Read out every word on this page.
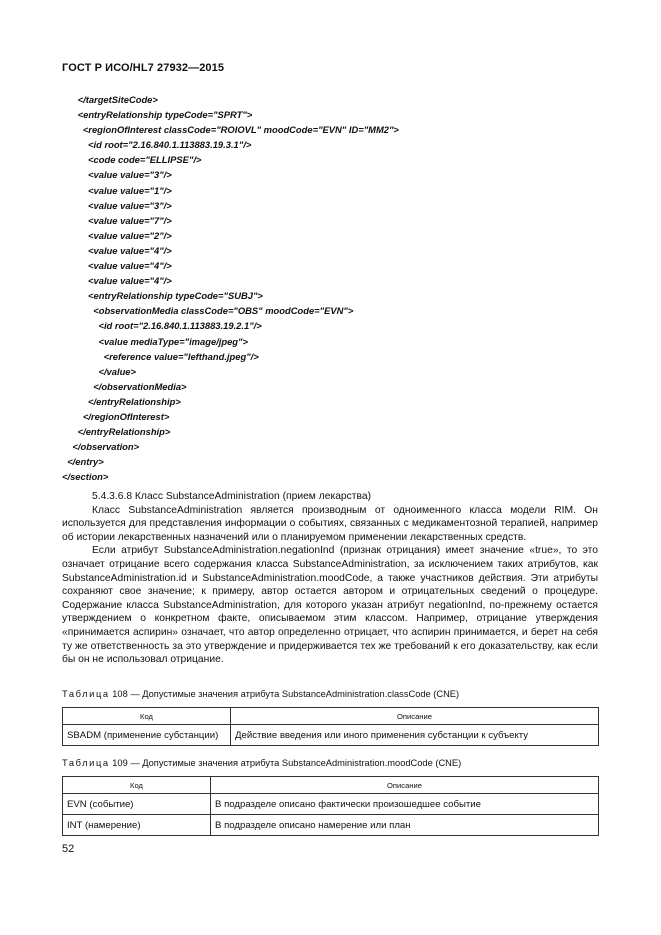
ГОСТ Р ИСО/HL7 27932—2015
</targetSiteCode>
<entryRelationship typeCode="SPRT">
<regionOfInterest classCode="ROIOVL" moodCode="EVN" ID="MM2">
<id root="2.16.840.1.113883.19.3.1"/>
<code code="ELLIPSE"/>
<value value="3"/>
<value value="1"/>
<value value="3"/>
<value value="7"/>
<value value="2"/>
<value value="4"/>
<value value="4"/>
<value value="4"/>
<entryRelationship typeCode="SUBJ">
<observationMedia classCode="OBS" moodCode="EVN">
<id root="2.16.840.1.113883.19.2.1"/>
<value mediaType="image/jpeg">
<reference value="lefthand.jpeg"/>
</value>
</observationMedia>
</entryRelationship>
</regionOfInterest>
</entryRelationship>
</observation>
</entry>
</section>

5.4.3.6.8 Класс SubstanceAdministration (прием лекарства)

Класс SubstanceAdministration является производным от одноименного класса модели RIM. Он используется для представления информации о событиях, связанных с медикаментозной терапией, например об истории лекарственных назначений или о планируемом применении лекарственных средств.

Если атрибут SubstanceAdministration.negationInd (признак отрицания) имеет значение «true», то это означает отрицание всего содержания класса SubstanceAdministration, за исключением таких атрибутов, как SubstanceAdministration.id и SubstanceAdministration.moodCode, а также участников действия. Эти атрибуты сохраняют свое значение; к примеру, автор остается автором и отрицательных сведений о процедуре. Содержание класса SubstanceAdministration, для которого указан атрибут negationInd, по-прежнему остается утверждением о конкретном факте, описываемом этим классом. Например, отрицание утверждения «принимается аспирин» означает, что автор определенно отрицает, что аспирин принимается, и берет на себя ту же ответственность за это утверждение и придерживается тех же требований к его доказательству, как если бы он не использовал отрицание.

Таблица 108 — Допустимые значения атрибута SubstanceAdministration.classCode (CNE)
Код	Описание
SBADM (применение субстанции)	Действие введения или иного применения субстанции к субъекту
Таблица 109 — Допустимые значения атрибута SubstanceAdministration.moodCode (CNE)
Код	Описание
EVN (событие)	В подразделе описано фактически произошедшее событие
INT (намерение)	В подразделе описано намерение или план
52
